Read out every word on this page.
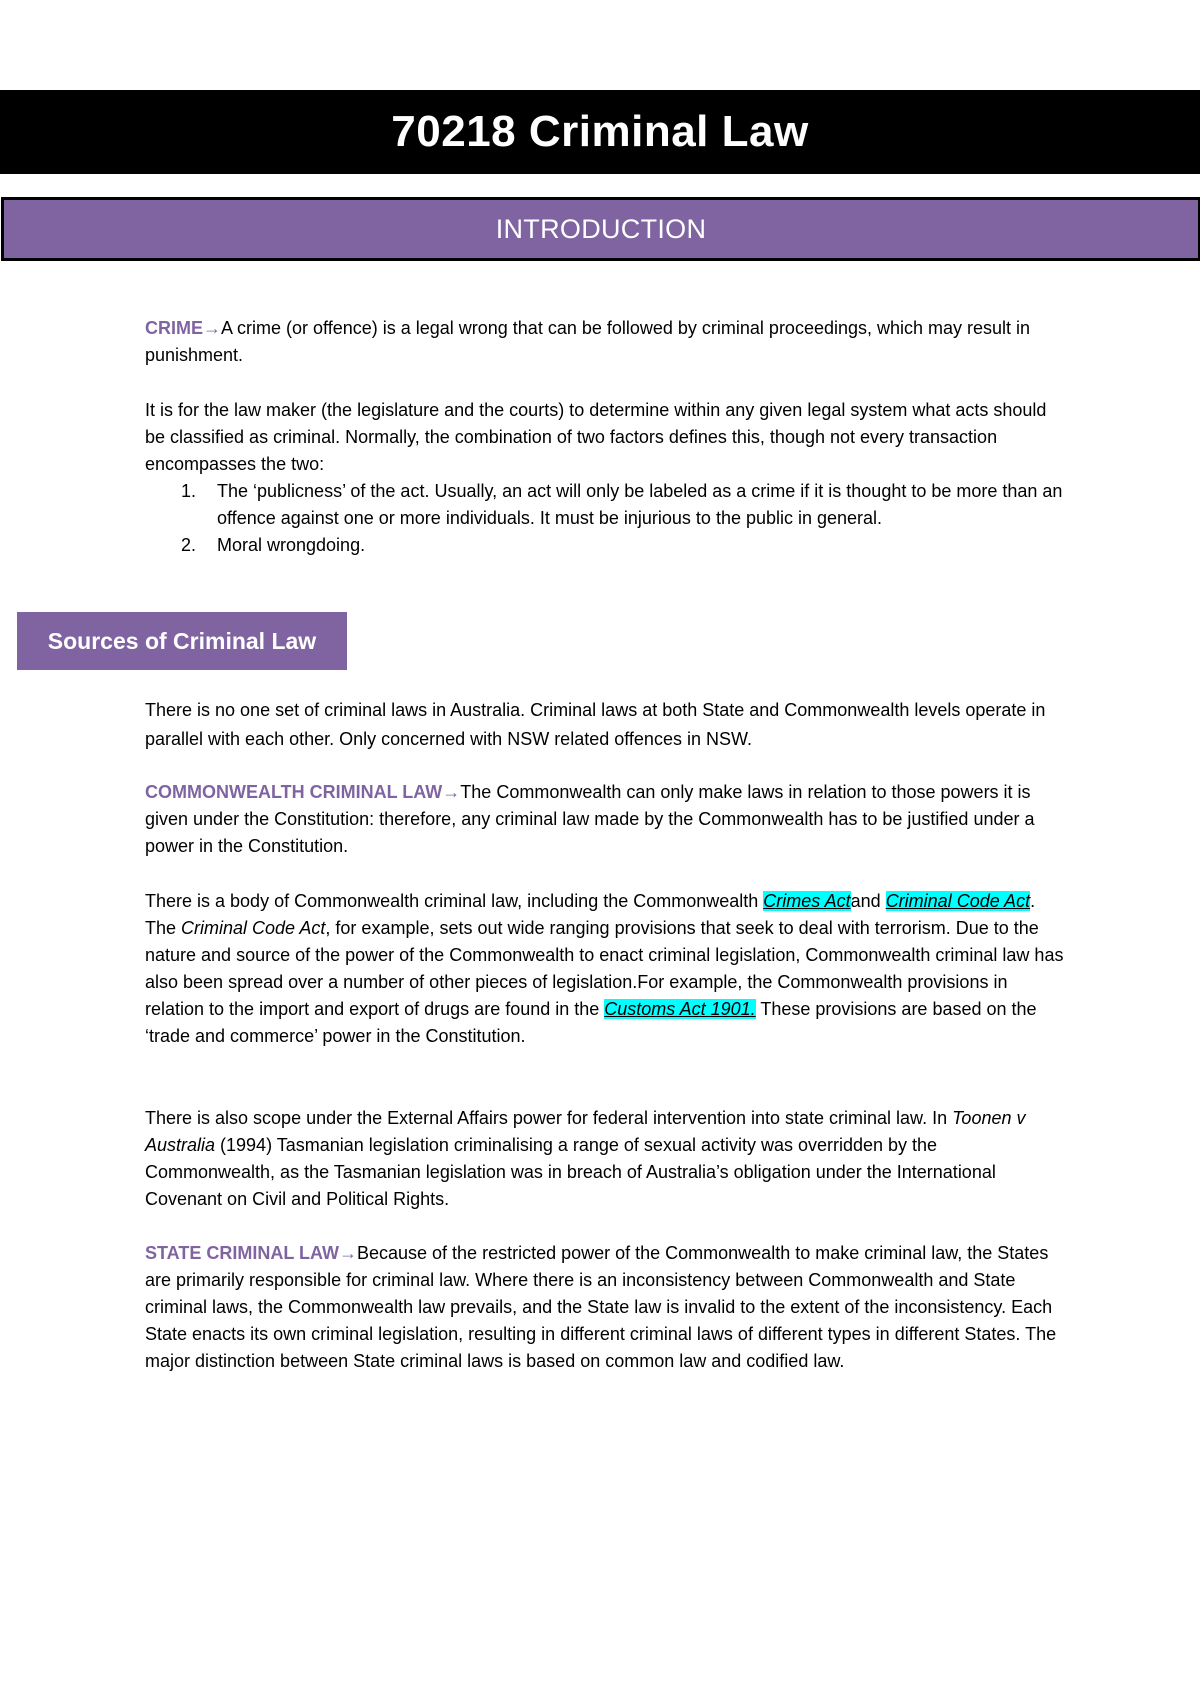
70218 Criminal Law
INTRODUCTION

CRIME→A crime (or offence) is a legal wrong that can be followed by criminal proceedings, which may result in punishment.

It is for the law maker (the legislature and the courts) to determine within any given legal system what acts should be classified as criminal. Normally, the combination of two factors defines this, though not every transaction encompasses the two:

1. The ‘publicness’ of the act. Usually, an act will only be labeled as a crime if it is thought to be more than an offence against one or more individuals. It must be injurious to the public in general.
2. Moral wrongdoing.
Sources of Criminal Law

There is no one set of criminal laws in Australia. Criminal laws at both State and Commonwealth levels operate in parallel with each other. Only concerned with NSW related offences in NSW.

COMMONWEALTH CRIMINAL LAW→The Commonwealth can only make laws in relation to those powers it is given under the Constitution: therefore, any criminal law made by the Commonwealth has to be justified under a power in the Constitution.

There is a body of Commonwealth criminal law, including the Commonwealth Crimes Actand Criminal Code Act. The Criminal Code Act, for example, sets out wide ranging provisions that seek to deal with terrorism. Due to the nature and source of the power of the Commonwealth to enact criminal legislation, Commonwealth criminal law has also been spread over a number of other pieces of legislation.For example, the Commonwealth provisions in relation to the import and export of drugs are found in the Customs Act 1901. These provisions are based on the ‘trade and commerce’ power in the Constitution.

There is also scope under the External Affairs power for federal intervention into state criminal law. In Toonen v Australia (1994) Tasmanian legislation criminalising a range of sexual activity was overridden by the Commonwealth, as the Tasmanian legislation was in breach of Australia’s obligation under the International Covenant on Civil and Political Rights.

STATE CRIMINAL LAW→Because of the restricted power of the Commonwealth to make criminal law, the States are primarily responsible for criminal law. Where there is an inconsistency between Commonwealth and State criminal laws, the Commonwealth law prevails, and the State law is invalid to the extent of the inconsistency. Each State enacts its own criminal legislation, resulting in different criminal laws of different types in different States. The major distinction between State criminal laws is based on common law and codified law.
